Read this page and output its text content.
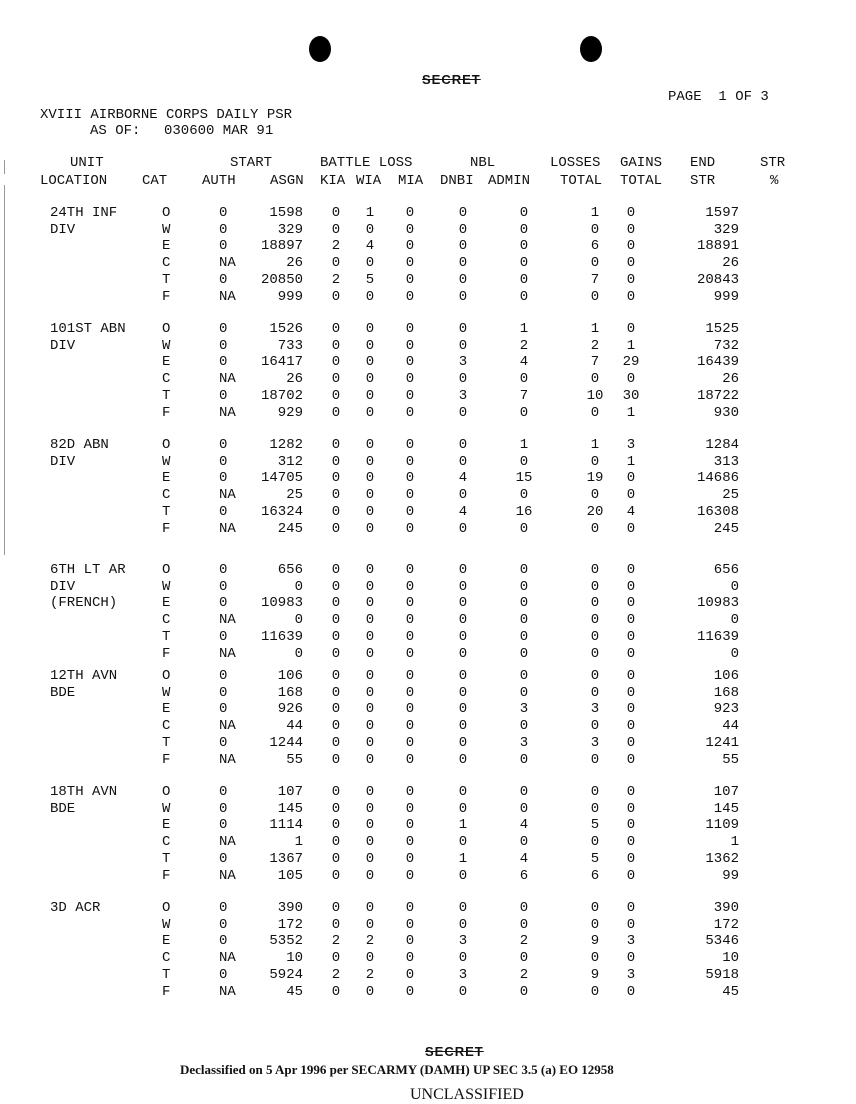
SECRET
PAGE  1 OF 3
XVIII AIRBORNE CORPS DAILY PSR
AS OF: 030600 MAR 91
UNIT
LOCATION CAT
START
AUTH ASGN
BATTLE LOSS
KIA WIA MIA
NBL
DNBI ADMIN
LOSSES
TOTAL
GAINS
TOTAL
END
STR
STR
%
24TH INF
DIV
O	0	1598	0	1	0	0	0	1	0	1597
W	0	329	0	0	0	0	0	0	0	329
E	0	18897	2	4	0	0	0	6	0	18891
C	NA	26	0	0	0	0	0	0	0	26
T	0	20850	2	5	0	0	0	7	0	20843
F	NA	999	0	0	0	0	0	0	0	999
101ST ABN
DIV
O	0	1526	0	0	0	0	1	1	0	1525
W	0	733	0	0	0	0	2	2	1	732
E	0	16417	0	0	0	3	4	7	29	16439
C	NA	26	0	0	0	0	0	0	0	26
T	0	18702	0	0	0	3	7	10	30	18722
F	NA	929	0	0	0	0	0	0	1	930
82D ABN
DIV
O	0	1282	0	0	0	0	1	1	3	1284
W	0	312	0	0	0	0	0	0	1	313
E	0	14705	0	0	0	4	15	19	0	14686
C	NA	25	0	0	0	0	0	0	0	25
T	0	16324	0	0	0	4	16	20	4	16308
F	NA	245	0	0	0	0	0	0	0	245
6TH LT AR
DIV
(FRENCH)
O	0	656	0	0	0	0	0	0	0	656
W	0	0	0	0	0	0	0	0	0	0
E	0	10983	0	0	0	0	0	0	0	10983
C	NA	0	0	0	0	0	0	0	0	0
T	0	11639	0	0	0	0	0	0	0	11639
F	NA	0	0	0	0	0	0	0	0	0
12TH AVN
BDE
O	0	106	0	0	0	0	0	0	0	106
W	0	168	0	0	0	0	0	0	0	168
E	0	926	0	0	0	0	3	3	0	923
C	NA	44	0	0	0	0	0	0	0	44
T	0	1244	0	0	0	0	3	3	0	1241
F	NA	55	0	0	0	0	0	0	0	55
18TH AVN
BDE
O	0	107	0	0	0	0	0	0	0	107
W	0	145	0	0	0	0	0	0	0	145
E	0	1114	0	0	0	1	4	5	0	1109
C	NA	1	0	0	0	0	0	0	0	1
T	0	1367	0	0	0	1	4	5	0	1362
F	NA	105	0	0	0	0	6	6	0	99
3D ACR	O	0	390	0	0	0	0	0	0	0	390
W	0	172	0	0	0	0	0	0	0	172
E	0	5352	2	2	0	3	2	9	3	5346
C	NA	10	0	0	0	0	0	0	0	10
T	0	5924	2	2	0	3	2	9	3	5918
F	NA	45	0	0	0	0	0	0	0	45
SECRET
Declassified on 5 Apr 1996 per SECARMY (DAMH) UP SEC 3.5 (a) EO 12958
UNCLASSIFIED
